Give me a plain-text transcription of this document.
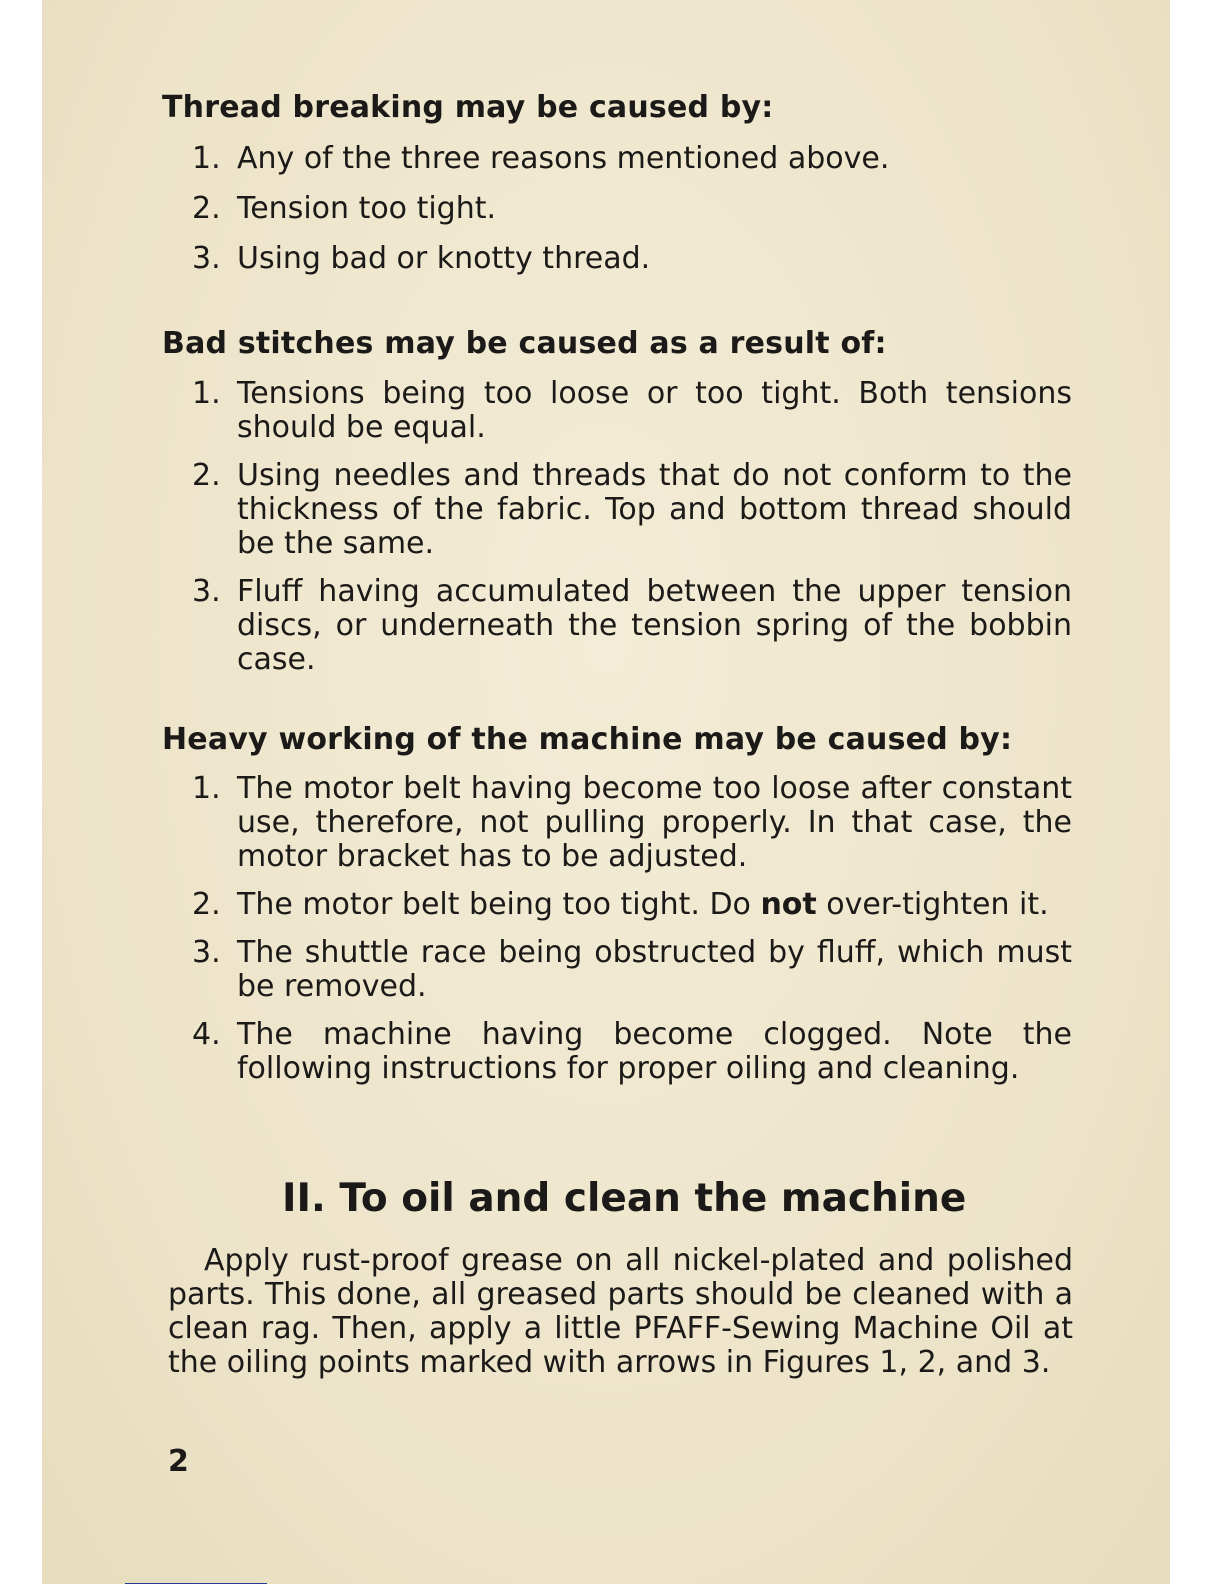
Thread breaking may be caused by:
1. Any of the three reasons mentioned above.
2. Tension too tight.
3. Using bad or knotty thread.
Bad stitches may be caused as a result of:
1. Tensions being too loose or too tight. Both tensions should be equal.
2. Using needles and threads that do not conform to the thickness of the fabric. Top and bottom thread should be the same.
3. Fluff having accumulated between the upper tension discs, or underneath the tension spring of the bobbin case.
Heavy working of the machine may be caused by:
1. The motor belt having become too loose after constant use, therefore, not pulling properly. In that case, the motor bracket has to be adjusted.
2. The motor belt being too tight. Do not over-tighten it.
3. The shuttle race being obstructed by fluff, which must be removed.
4. The machine having become clogged. Note the following instructions for proper oiling and cleaning.
II. To oil and clean the machine

Apply rust-proof grease on all nickel-plated and polished parts. This done, all greased parts should be cleaned with a clean rag. Then, apply a little PFAFF-Sewing Machine Oil at the oiling points marked with arrows in Figures 1, 2, and 3.

2
